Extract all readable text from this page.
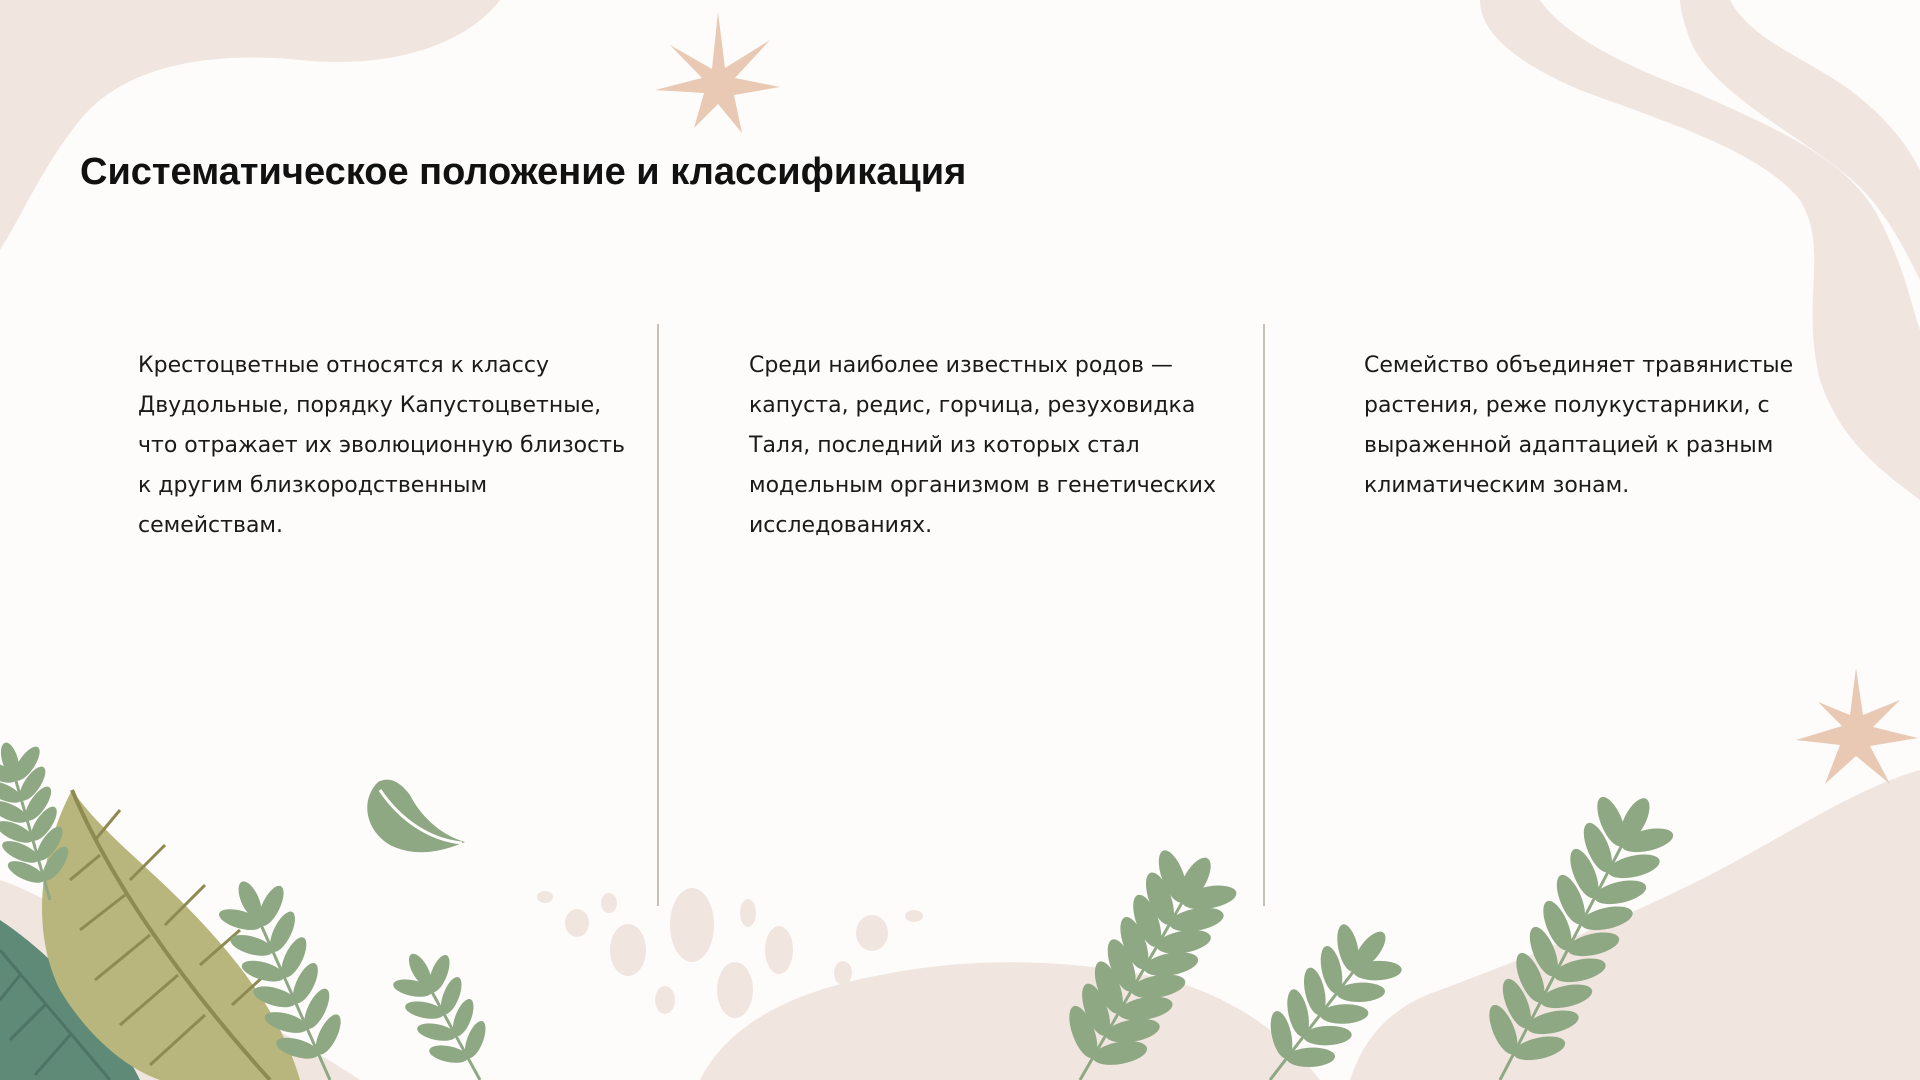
Систематическое положение и классификация

Крестоцветные относятся к классу Двудольные, порядку Капустоцветные, что отражает их эволюционную близость к другим близкородственным семействам.

Среди наиболее известных родов — капуста, редис, горчица, резуховидка Таля, последний из которых стал модельным организмом в генетических исследованиях.

Семейство объединяет травянистые растения, реже полукустарники, с выраженной адаптацией к разным климатическим зонам.
